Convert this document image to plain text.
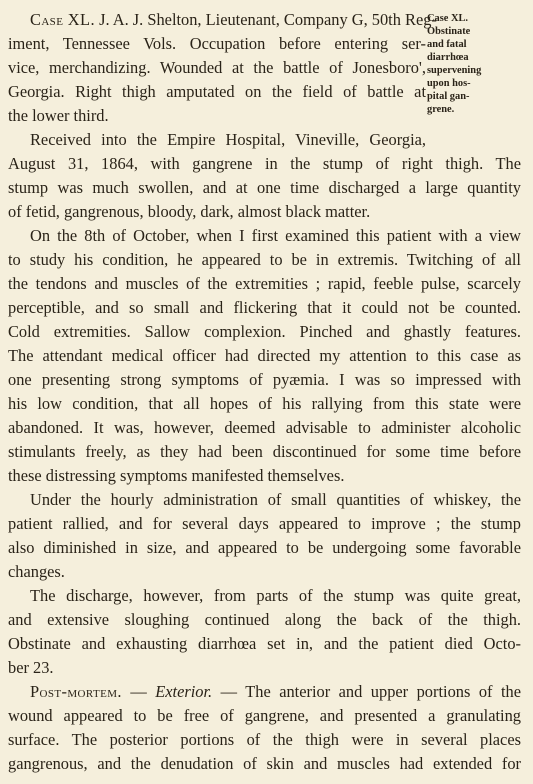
Case XL.
Obstinate
and fatal
diarrhœa
supervening
upon hos-
pital gan-
grene.
Case XL. J. A. J. Shelton, Lieutenant, Company G, 50th Reg-
iment, Tennessee Vols. Occupation before entering ser-
vice, merchandizing. Wounded at the battle of Jonesboro',
Georgia. Right thigh amputated on the field of battle at
the lower third.
Received into the Empire Hospital, Vineville, Georgia,
August 31, 1864, with gangrene in the stump of right thigh. The
stump was much swollen, and at one time discharged a large quantity
of fetid, gangrenous, bloody, dark, almost black matter.
On the 8th of October, when I first examined this patient with a view
to study his condition, he appeared to be in extremis. Twitching of all
the tendons and muscles of the extremities ; rapid, feeble pulse, scarcely
perceptible, and so small and flickering that it could not be counted.
Cold extremities. Sallow complexion. Pinched and ghastly features.
The attendant medical officer had directed my attention to this case as
one presenting strong symptoms of pyæmia. I was so impressed with
his low condition, that all hopes of his rallying from this state were
abandoned. It was, however, deemed advisable to administer alcoholic
stimulants freely, as they had been discontinued for some time before
these distressing symptoms manifested themselves.
Under the hourly administration of small quantities of whiskey, the
patient rallied, and for several days appeared to improve ; the stump
also diminished in size, and appeared to be undergoing some favorable
changes.
The discharge, however, from parts of the stump was quite great,
and extensive sloughing continued along the back of the thigh.
Obstinate and exhausting diarrhœa set in, and the patient died Octo-
ber 23.
Post-mortem. — Exterior. — The anterior and upper portions of the
wound appeared to be free of gangrene, and presented a granulating
surface. The posterior portions of the thigh were in several places
gangrenous, and the denudation of skin and muscles had extended for
